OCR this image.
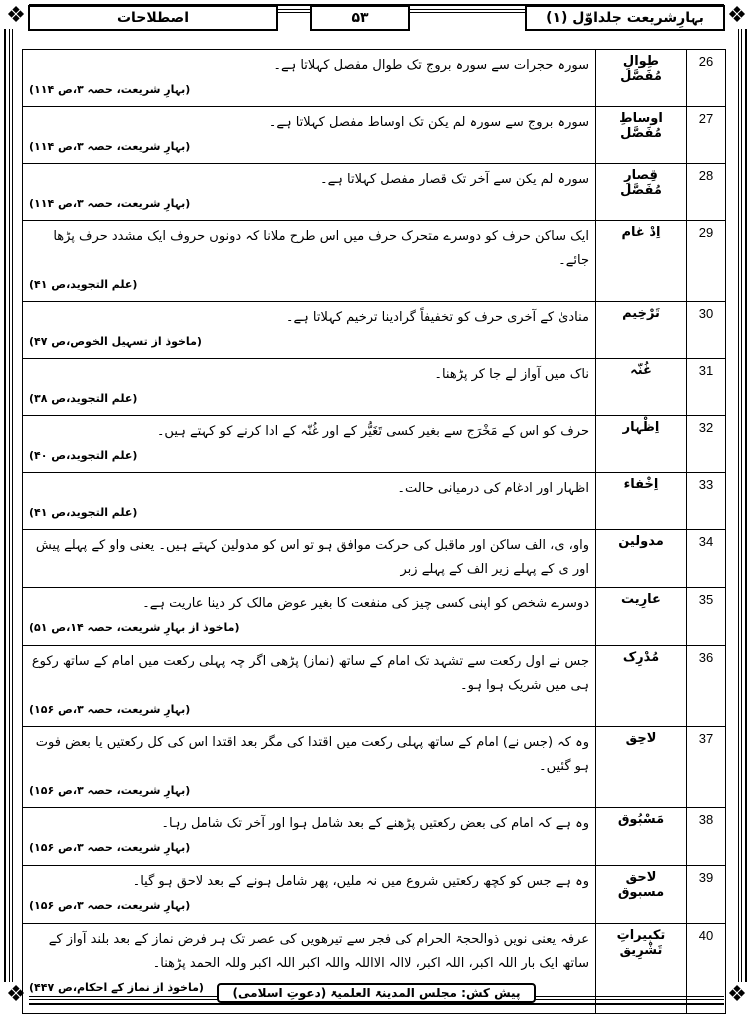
❖	❖
❖	❖
بہارِشریعت جلداوّل (۱)
۵۳
اصطلاحات
26	طِوالِ مُفَصَّل	سورہ حجرات سے سورہ بروج تک طوال مفصل کہلاتا ہے۔
(بہارِ شریعت، حصہ ۳،ص ۱۱۴)

27	اوساطِ مُفَصَّل	سورہ بروج سے سورہ لم یکن تک اوساط مفصل کہلاتا ہے۔
(بہارِ شریعت، حصہ ۳،ص ۱۱۴)

28	قِصارِ مُفَصَّل	سورہ لم یکن سے آخر تک قصار مفصل کہلاتا ہے۔
(بہارِ شریعت، حصہ ۳،ص ۱۱۴)

29	اِدْ غام	ایک ساکن حرف کو دوسرے متحرک حرف میں اس طرح ملانا کہ دونوں حروف ایک مشدد حرف پڑھا جائے۔
(علم التجوید،ص ۴۱)

30	تَرْخِیم	منادیٰ کے آخری حرف کو تخفیفاً گرادینا ترخیم کہلاتا ہے۔
(ماخوذ از تسہیل الخوص،ص ۴۷)

31	غُنّہ	ناک میں آواز لے جا کر پڑھنا۔
(علم التجوید،ص ۳۸)

32	اِظْہار	حرف کو اس کے مَخْرَج سے بغیر کسی تَغَیُّر کے اور غُنّہ کے ادا کرنے کو کہتے ہیں۔
(علم التجوید،ص ۴۰)

33	اِخْفاء	اظہار اور ادغام کی درمیانی حالت۔
(علم التجوید،ص ۴۱)

34	مدولین	واو، ی، الف ساکن اور ماقبل کی حرکت موافق ہو تو اس کو مدولین کہتے ہیں۔ یعنی واو کے پہلے پیش اور ی کے پہلے زیر الف کے پہلے زبر

35	عارِیت	دوسرے شخص کو اپنی کسی چیز کی منفعت کا بغیر عوض مالک کر دینا عاریت ہے۔
(ماخوذ از بہارِ شریعت، حصہ ۱۴،ص ۵۱)

36	مُدْرِک	جس نے اول رکعت سے تشہد تک امام کے ساتھ (نماز) پڑھی اگر چہ پہلی رکعت میں امام کے ساتھ رکوع ہی میں شریک ہوا ہو۔
(بہارِ شریعت، حصہ ۳،ص ۱۵۶)

37	لاحِق	وہ کہ (جس نے) امام کے ساتھ پہلی رکعت میں اقتدا کی مگر بعد اقتدا اس کی کل رکعتیں یا بعض فوت ہو گئیں۔
(بہارِ شریعت، حصہ ۳،ص ۱۵۶)

38	مَسْبُوق	وہ ہے کہ امام کی بعض رکعتیں پڑھنے کے بعد شامل ہوا اور آخر تک شامل رہا۔
(بہارِ شریعت، حصہ ۳،ص ۱۵۶)

39	لاحق مسبوق	وہ ہے جس کو کچھ رکعتیں شروع میں نہ ملیں، پھر شامل ہونے کے بعد لاحق ہو گیا۔
(بہارِ شریعت، حصہ ۳،ص ۱۵۶)

40	تکبیراتِ تَشْرِیق	عرفہ یعنی نویں ذوالحجۃ الحرام کی فجر سے تیرھویں کی عصر تک ہر فرض نماز کے بعد بلند آواز کے ساتھ ایک بار اللہ اکبر، اللہ اکبر، لاالہ الااللہ واللہ اکبر اللہ اکبر وللہ الحمد پڑھنا۔
(ماخوذ از نماز کے احکام،ص ۴۴۷)	پیش کش: مجلس المدینۃ العلمیۃ (دعوتِ اسلامی)
